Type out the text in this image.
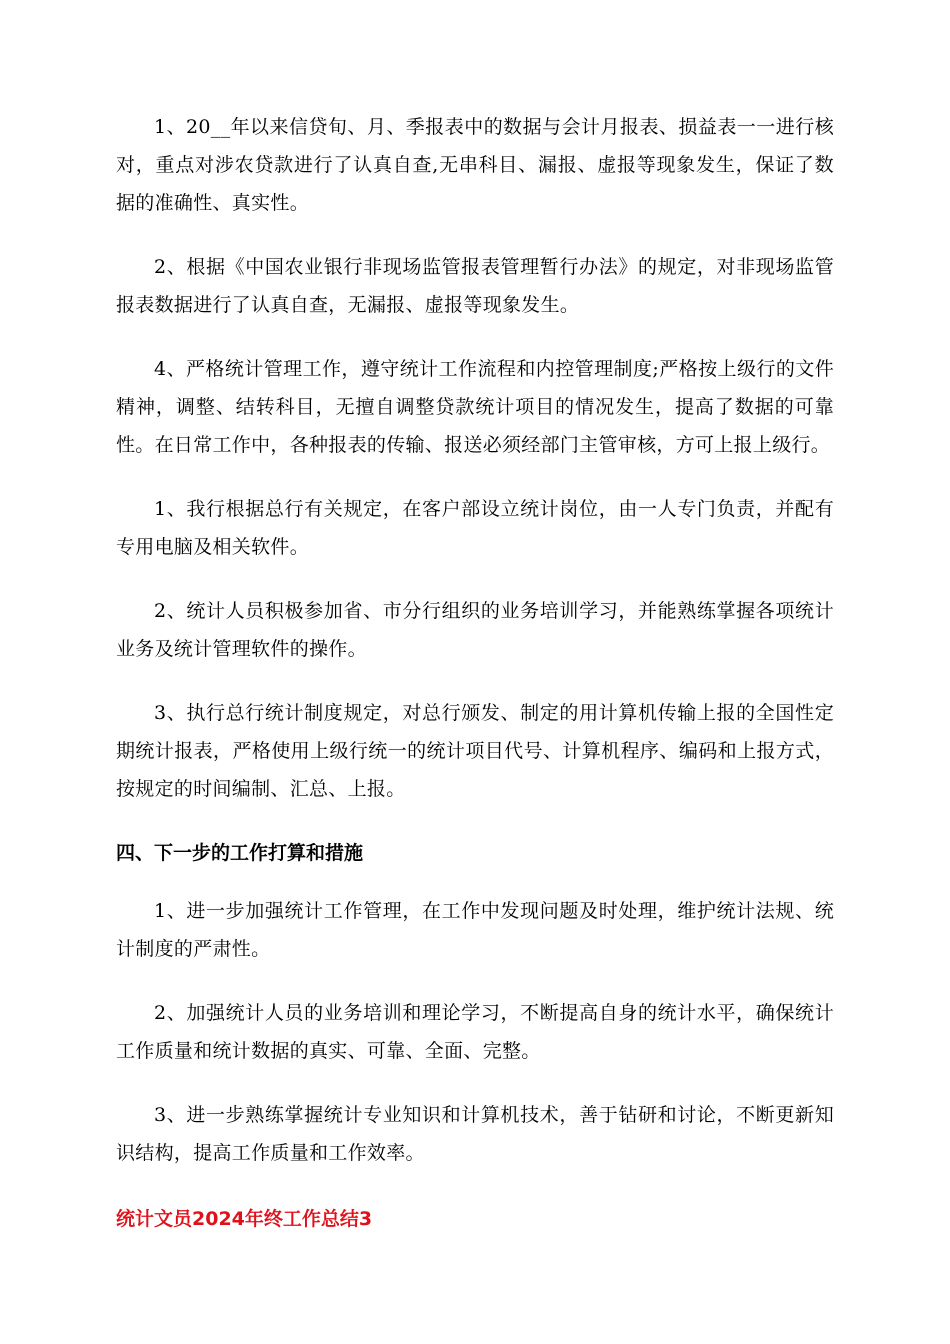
1、20__年以来信贷旬、月、季报表中的数据与会计月报表、损益表一一进行核对，重点对涉农贷款进行了认真自查,无串科目、漏报、虚报等现象发生，保证了数据的准确性、真实性。

2、根据《中国农业银行非现场监管报表管理暂行办法》的规定，对非现场监管报表数据进行了认真自查，无漏报、虚报等现象发生。

4、严格统计管理工作，遵守统计工作流程和内控管理制度;严格按上级行的文件精神，调整、结转科目，无擅自调整贷款统计项目的情况发生，提高了数据的可靠性。在日常工作中，各种报表的传输、报送必须经部门主管审核，方可上报上级行。

1、我行根据总行有关规定，在客户部设立统计岗位，由一人专门负责，并配有专用电脑及相关软件。

2、统计人员积极参加省、市分行组织的业务培训学习，并能熟练掌握各项统计业务及统计管理软件的操作。

3、执行总行统计制度规定，对总行颁发、制定的用计算机传输上报的全国性定期统计报表，严格使用上级行统一的统计项目代号、计算机程序、编码和上报方式，按规定的时间编制、汇总、上报。

四、下一步的工作打算和措施

1、进一步加强统计工作管理，在工作中发现问题及时处理，维护统计法规、统计制度的严肃性。

2、加强统计人员的业务培训和理论学习，不断提高自身的统计水平，确保统计工作质量和统计数据的真实、可靠、全面、完整。

3、进一步熟练掌握统计专业知识和计算机技术，善于钻研和讨论，不断更新知识结构，提高工作质量和工作效率。

统计文员2024年终工作总结3
